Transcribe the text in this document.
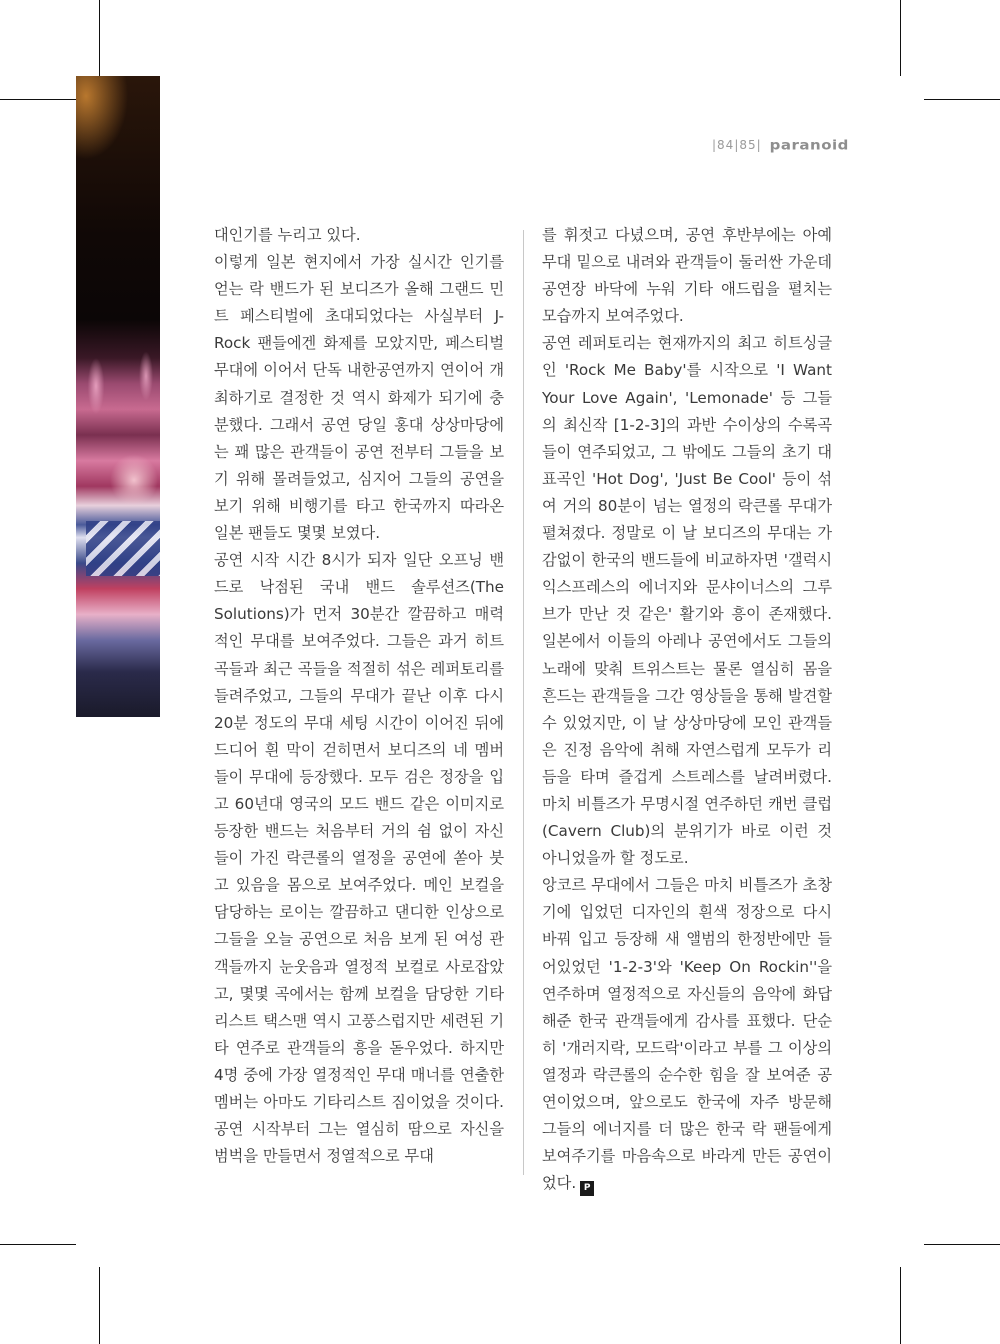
|84|85| paranoid

대인기를 누리고 있다.

이렇게 일본 현지에서 가장 실시간 인기를 얻는 락 밴드가 된 보디즈가 올해 그랜드 민트 페스티벌에 초대되었다는 사실부터 J-Rock 팬들에겐 화제를 모았지만, 페스티벌 무대에 이어서 단독 내한공연까지 연이어 개최하기로 결정한 것 역시 화제가 되기에 충분했다. 그래서 공연 당일 홍대 상상마당에는 꽤 많은 관객들이 공연 전부터 그들을 보기 위해 몰려들었고, 심지어 그들의 공연을 보기 위해 비행기를 타고 한국까지 따라온 일본 팬들도 몇몇 보였다.

공연 시작 시간 8시가 되자 일단 오프닝 밴드로 낙점된 국내 밴드 솔루션즈(The Solutions)가 먼저 30분간 깔끔하고 매력적인 무대를 보여주었다. 그들은 과거 히트곡들과 최근 곡들을 적절히 섞은 레퍼토리를 들려주었고, 그들의 무대가 끝난 이후 다시 20분 정도의 무대 세팅 시간이 이어진 뒤에 드디어 흰 막이 걷히면서 보디즈의 네 멤버들이 무대에 등장했다. 모두 검은 정장을 입고 60년대 영국의 모드 밴드 같은 이미지로 등장한 밴드는 처음부터 거의 쉼 없이 자신들이 가진 락큰롤의 열정을 공연에 쏟아 붓고 있음을 몸으로 보여주었다. 메인 보컬을 담당하는 로이는 깔끔하고 댄디한 인상으로 그들을 오늘 공연으로 처음 보게 된 여성 관객들까지 눈웃음과 열정적 보컬로 사로잡았고, 몇몇 곡에서는 함께 보컬을 담당한 기타리스트 택스맨 역시 고풍스럽지만 세련된 기타 연주로 관객들의 흥을 돋우었다. 하지만 4명 중에 가장 열정적인 무대 매너를 연출한 멤버는 아마도 기타리스트 짐이었을 것이다. 공연 시작부터 그는 열심히 땀으로 자신을 범벅을 만들면서 정열적으로 무대

를 휘젓고 다녔으며, 공연 후반부에는 아예 무대 밑으로 내려와 관객들이 둘러싼 가운데 공연장 바닥에 누워 기타 애드립을 펼치는 모습까지 보여주었다.

공연 레퍼토리는 현재까지의 최고 히트싱글인 'Rock Me Baby'를 시작으로 'I Want Your Love Again', 'Lemonade' 등 그들의 최신작 [1-2-3]의 과반 수이상의 수록곡들이 연주되었고, 그 밖에도 그들의 초기 대표곡인 'Hot Dog', 'Just Be Cool' 등이 섞여 거의 80분이 넘는 열정의 락큰롤 무대가 펼쳐졌다. 정말로 이 날 보디즈의 무대는 가감없이 한국의 밴드들에 비교하자면 '갤럭시 익스프레스의 에너지와 문샤이너스의 그루브가 만난 것 같은' 활기와 흥이 존재했다. 일본에서 이들의 아레나 공연에서도 그들의 노래에 맞춰 트위스트는 물론 열심히 몸을 흔드는 관객들을 그간 영상들을 통해 발견할 수 있었지만, 이 날 상상마당에 모인 관객들은 진정 음악에 취해 자연스럽게 모두가 리듬을 타며 즐겁게 스트레스를 날려버렸다. 마치 비틀즈가 무명시절 연주하던 캐번 클럽(Cavern Club)의 분위기가 바로 이런 것 아니었을까 할 정도로.

앙코르 무대에서 그들은 마치 비틀즈가 초창기에 입었던 디자인의 흰색 정장으로 다시 바꿔 입고 등장해 새 앨범의 한정반에만 들어있었던 '1-2-3'와 'Keep On Rockin''을 연주하며 열정적으로 자신들의 음악에 화답해준 한국 관객들에게 감사를 표했다. 단순히 '개러지락, 모드락'이라고 부를 그 이상의 열정과 락큰롤의 순수한 힘을 잘 보여준 공연이었으며, 앞으로도 한국에 자주 방문해 그들의 에너지를 더 많은 한국 락 팬들에게 보여주기를 마음속으로 바라게 만든 공연이었다. P
